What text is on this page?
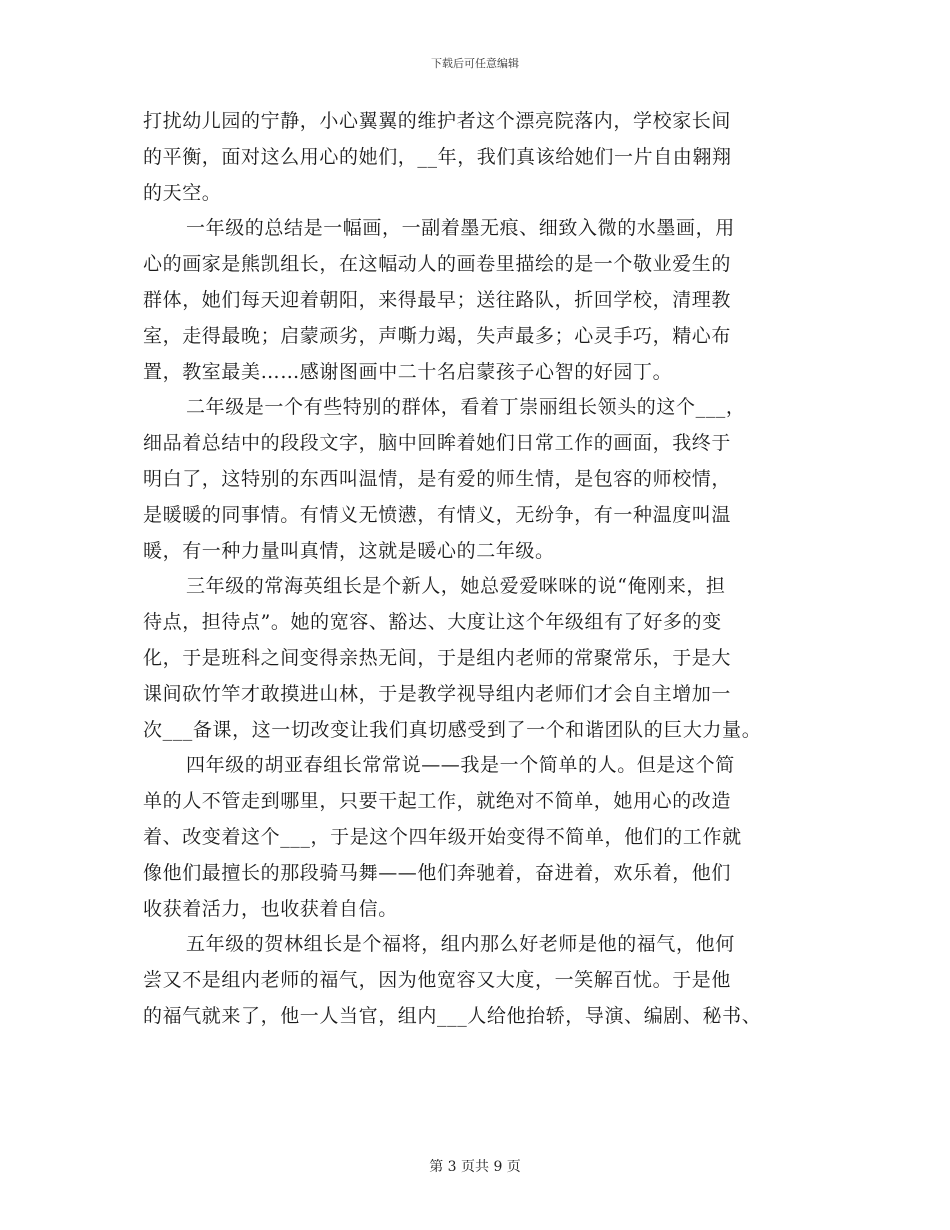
下载后可任意编辑
打扰幼儿园的宁静，小心翼翼的维护者这个漂亮院落内，学校家长间
的平衡，面对这么用心的她们，__年，我们真该给她们一片自由翱翔
的天空。
一年级的总结是一幅画，一副着墨无痕、细致入微的水墨画，用
心的画家是熊凯组长，在这幅动人的画卷里描绘的是一个敬业爱生的
群体，她们每天迎着朝阳，来得最早；送往路队，折回学校，清理教
室，走得最晚；启蒙顽劣，声嘶力竭，失声最多；心灵手巧，精心布
置，教室最美……感谢图画中二十名启蒙孩子心智的好园丁。
二年级是一个有些特别的群体，看着丁崇丽组长领头的这个___，
细品着总结中的段段文字，脑中回眸着她们日常工作的画面，我终于
明白了，这特别的东西叫温情，是有爱的师生情，是包容的师校情，
是暖暖的同事情。有情义无愤懑，有情义，无纷争，有一种温度叫温
暖，有一种力量叫真情，这就是暖心的二年级。
三年级的常海英组长是个新人，她总爱爱咪咪的说“俺刚来，担
待点，担待点”。她的宽容、豁达、大度让这个年级组有了好多的变
化，于是班科之间变得亲热无间，于是组内老师的常聚常乐，于是大
课间砍竹竿才敢摸进山林，于是教学视导组内老师们才会自主增加一
次___备课，这一切改变让我们真切感受到了一个和谐团队的巨大力量。
四年级的胡亚春组长常常说——我是一个简单的人。但是这个简
单的人不管走到哪里，只要干起工作，就绝对不简单，她用心的改造
着、改变着这个___，于是这个四年级开始变得不简单，他们的工作就
像他们最擅长的那段骑马舞——他们奔驰着，奋进着，欢乐着，他们
收获着活力，也收获着自信。
五年级的贺林组长是个福将，组内那么好老师是他的福气，他何
尝又不是组内老师的福气，因为他宽容又大度，一笑解百忧。于是他
的福气就来了，他一人当官，组内___人给他抬轿，导演、编剧、秘书、
第 3 页共 9 页
